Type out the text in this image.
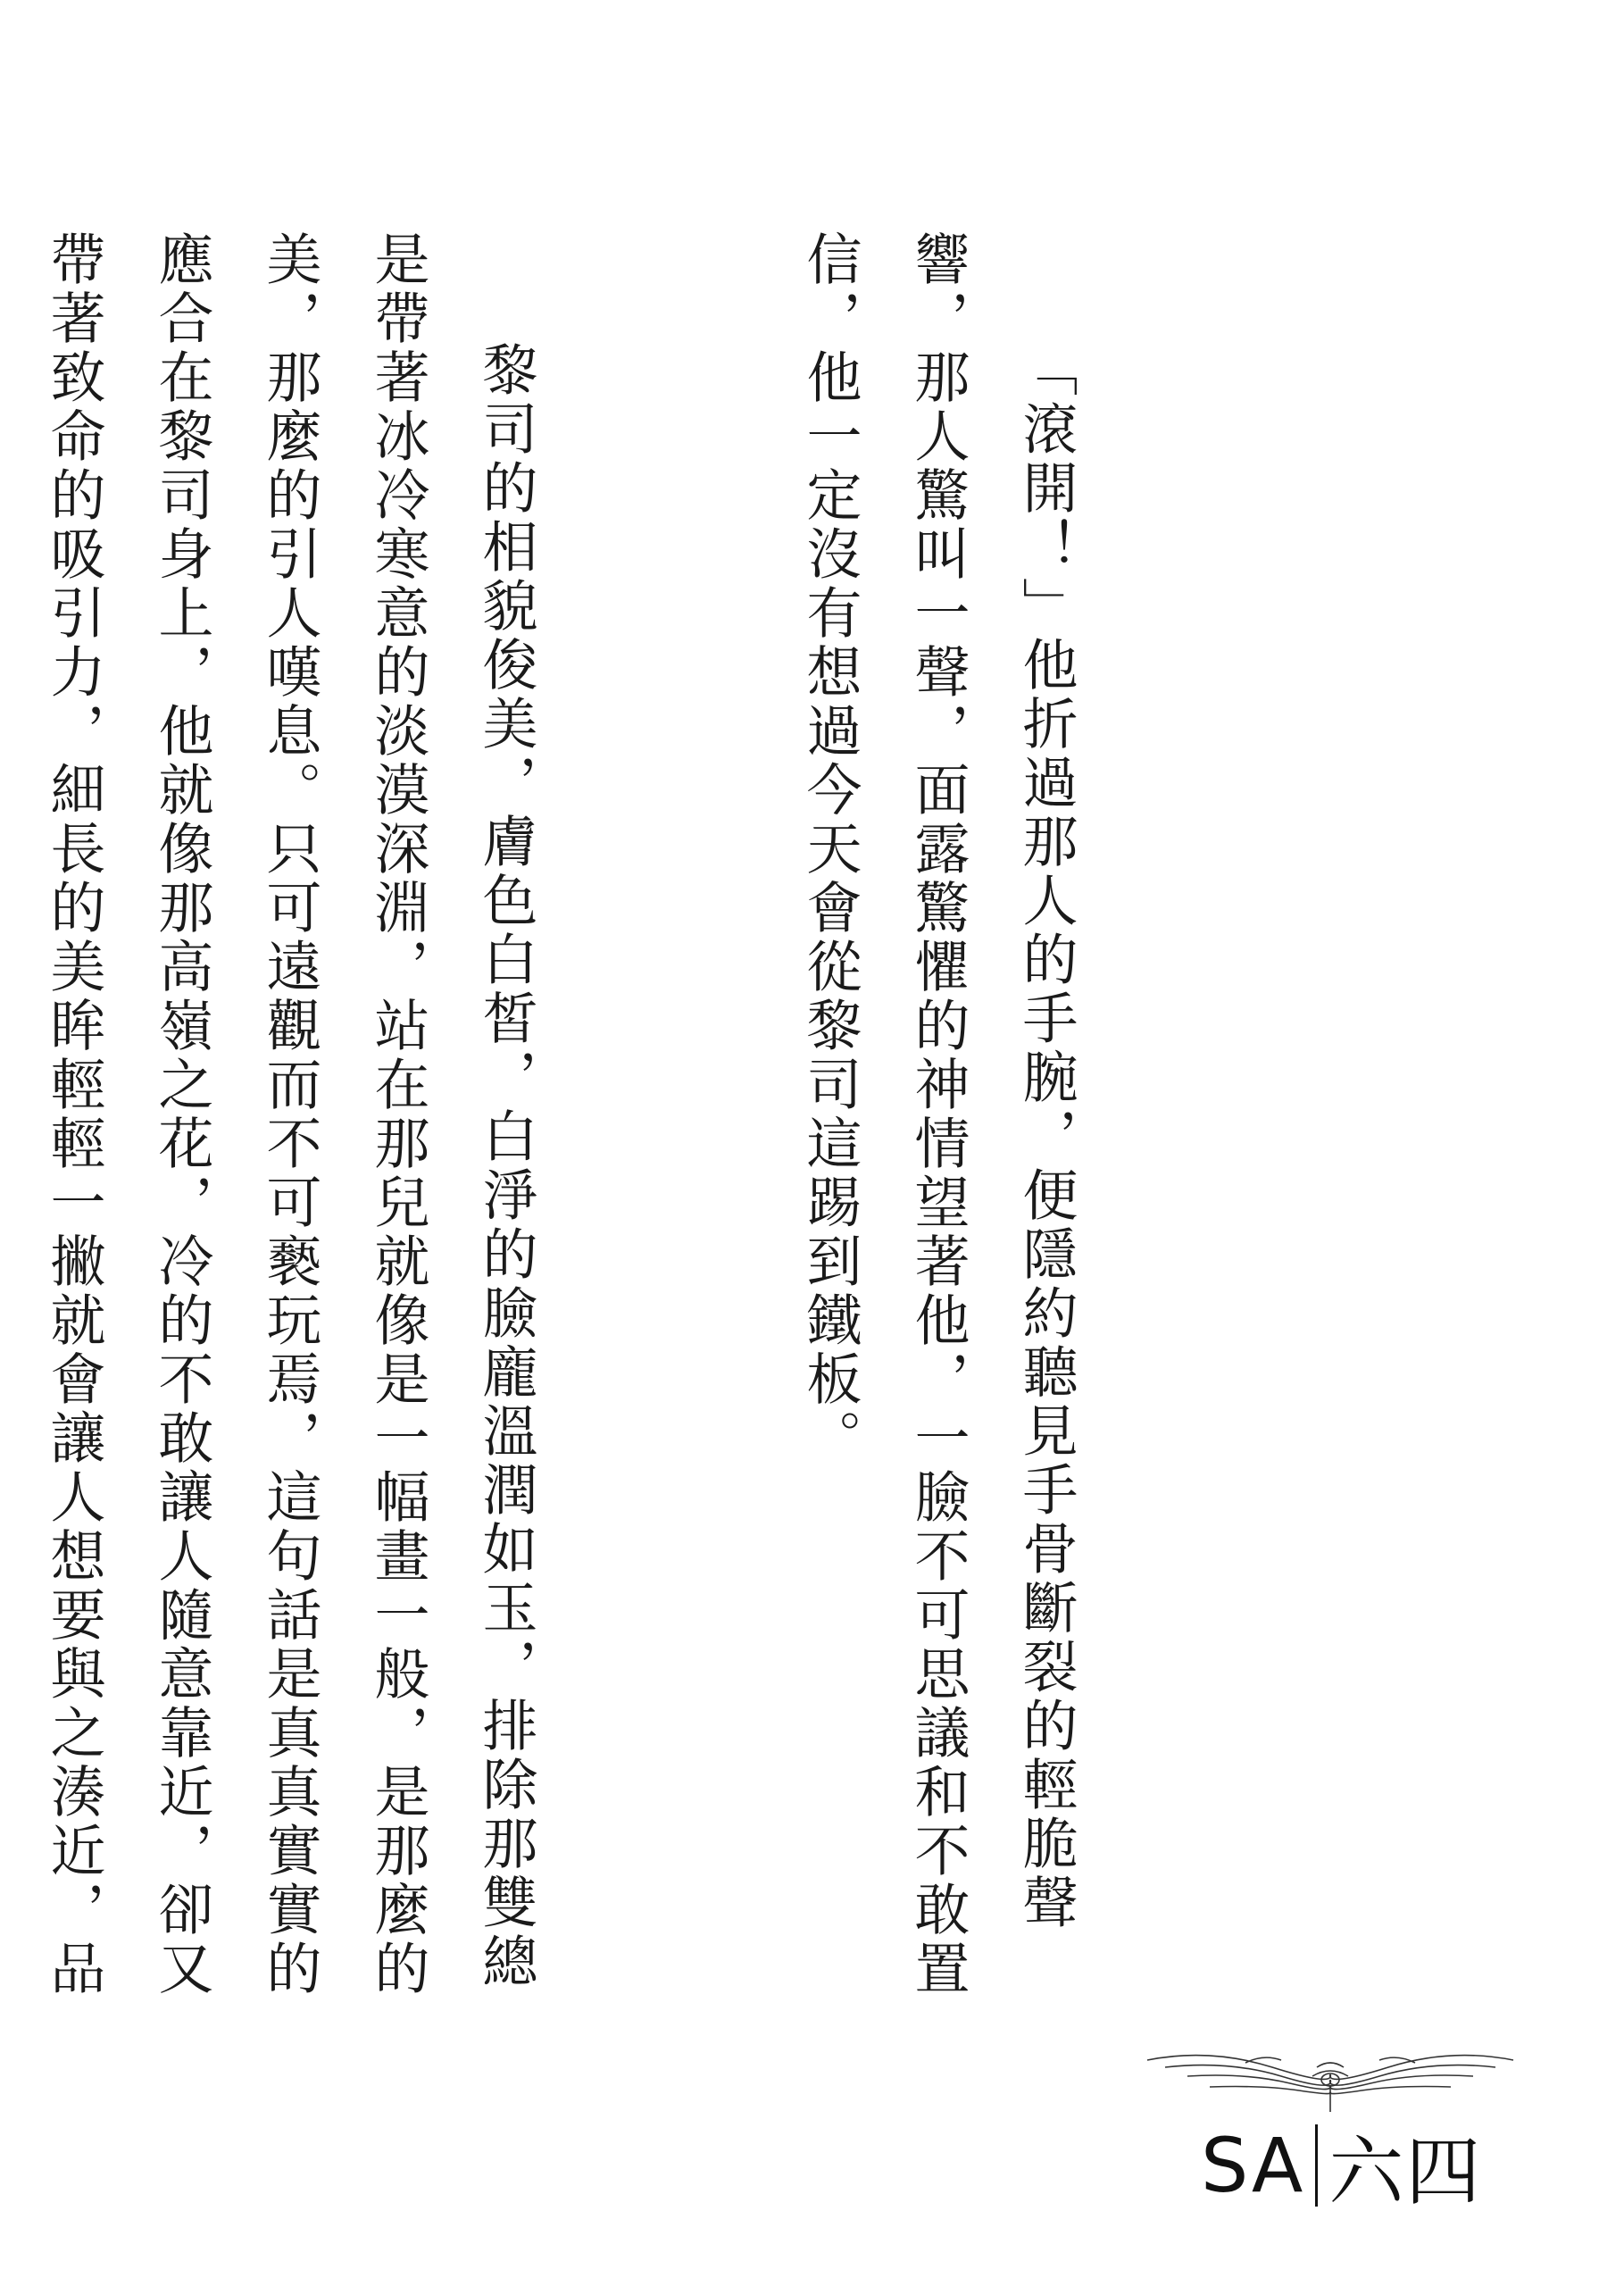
「滾開！」他折過那人的手腕，便隱約聽見手骨斷裂的輕脆聲響，那人驚叫一聲，面露驚懼的神情望著他，一臉不可思議和不敢置信，他一定沒有想過今天會從黎司這踢到鐵板。

黎司的相貌俊美，膚色白皙，白淨的臉龐溫潤如玉，排除那雙總是帶著冰冷寒意的淡漠深淵，站在那兒就像是一幅畫一般，是那麼的美，那麼的引人嘆息。只可遠觀而不可褻玩焉，這句話是真真實實的應合在黎司身上，他就像那高嶺之花，冷的不敢讓人隨意靠近，卻又帶著致命的吸引力，細長的美眸輕輕一撇就會讓人想要與之湊近，品

SA 六四
